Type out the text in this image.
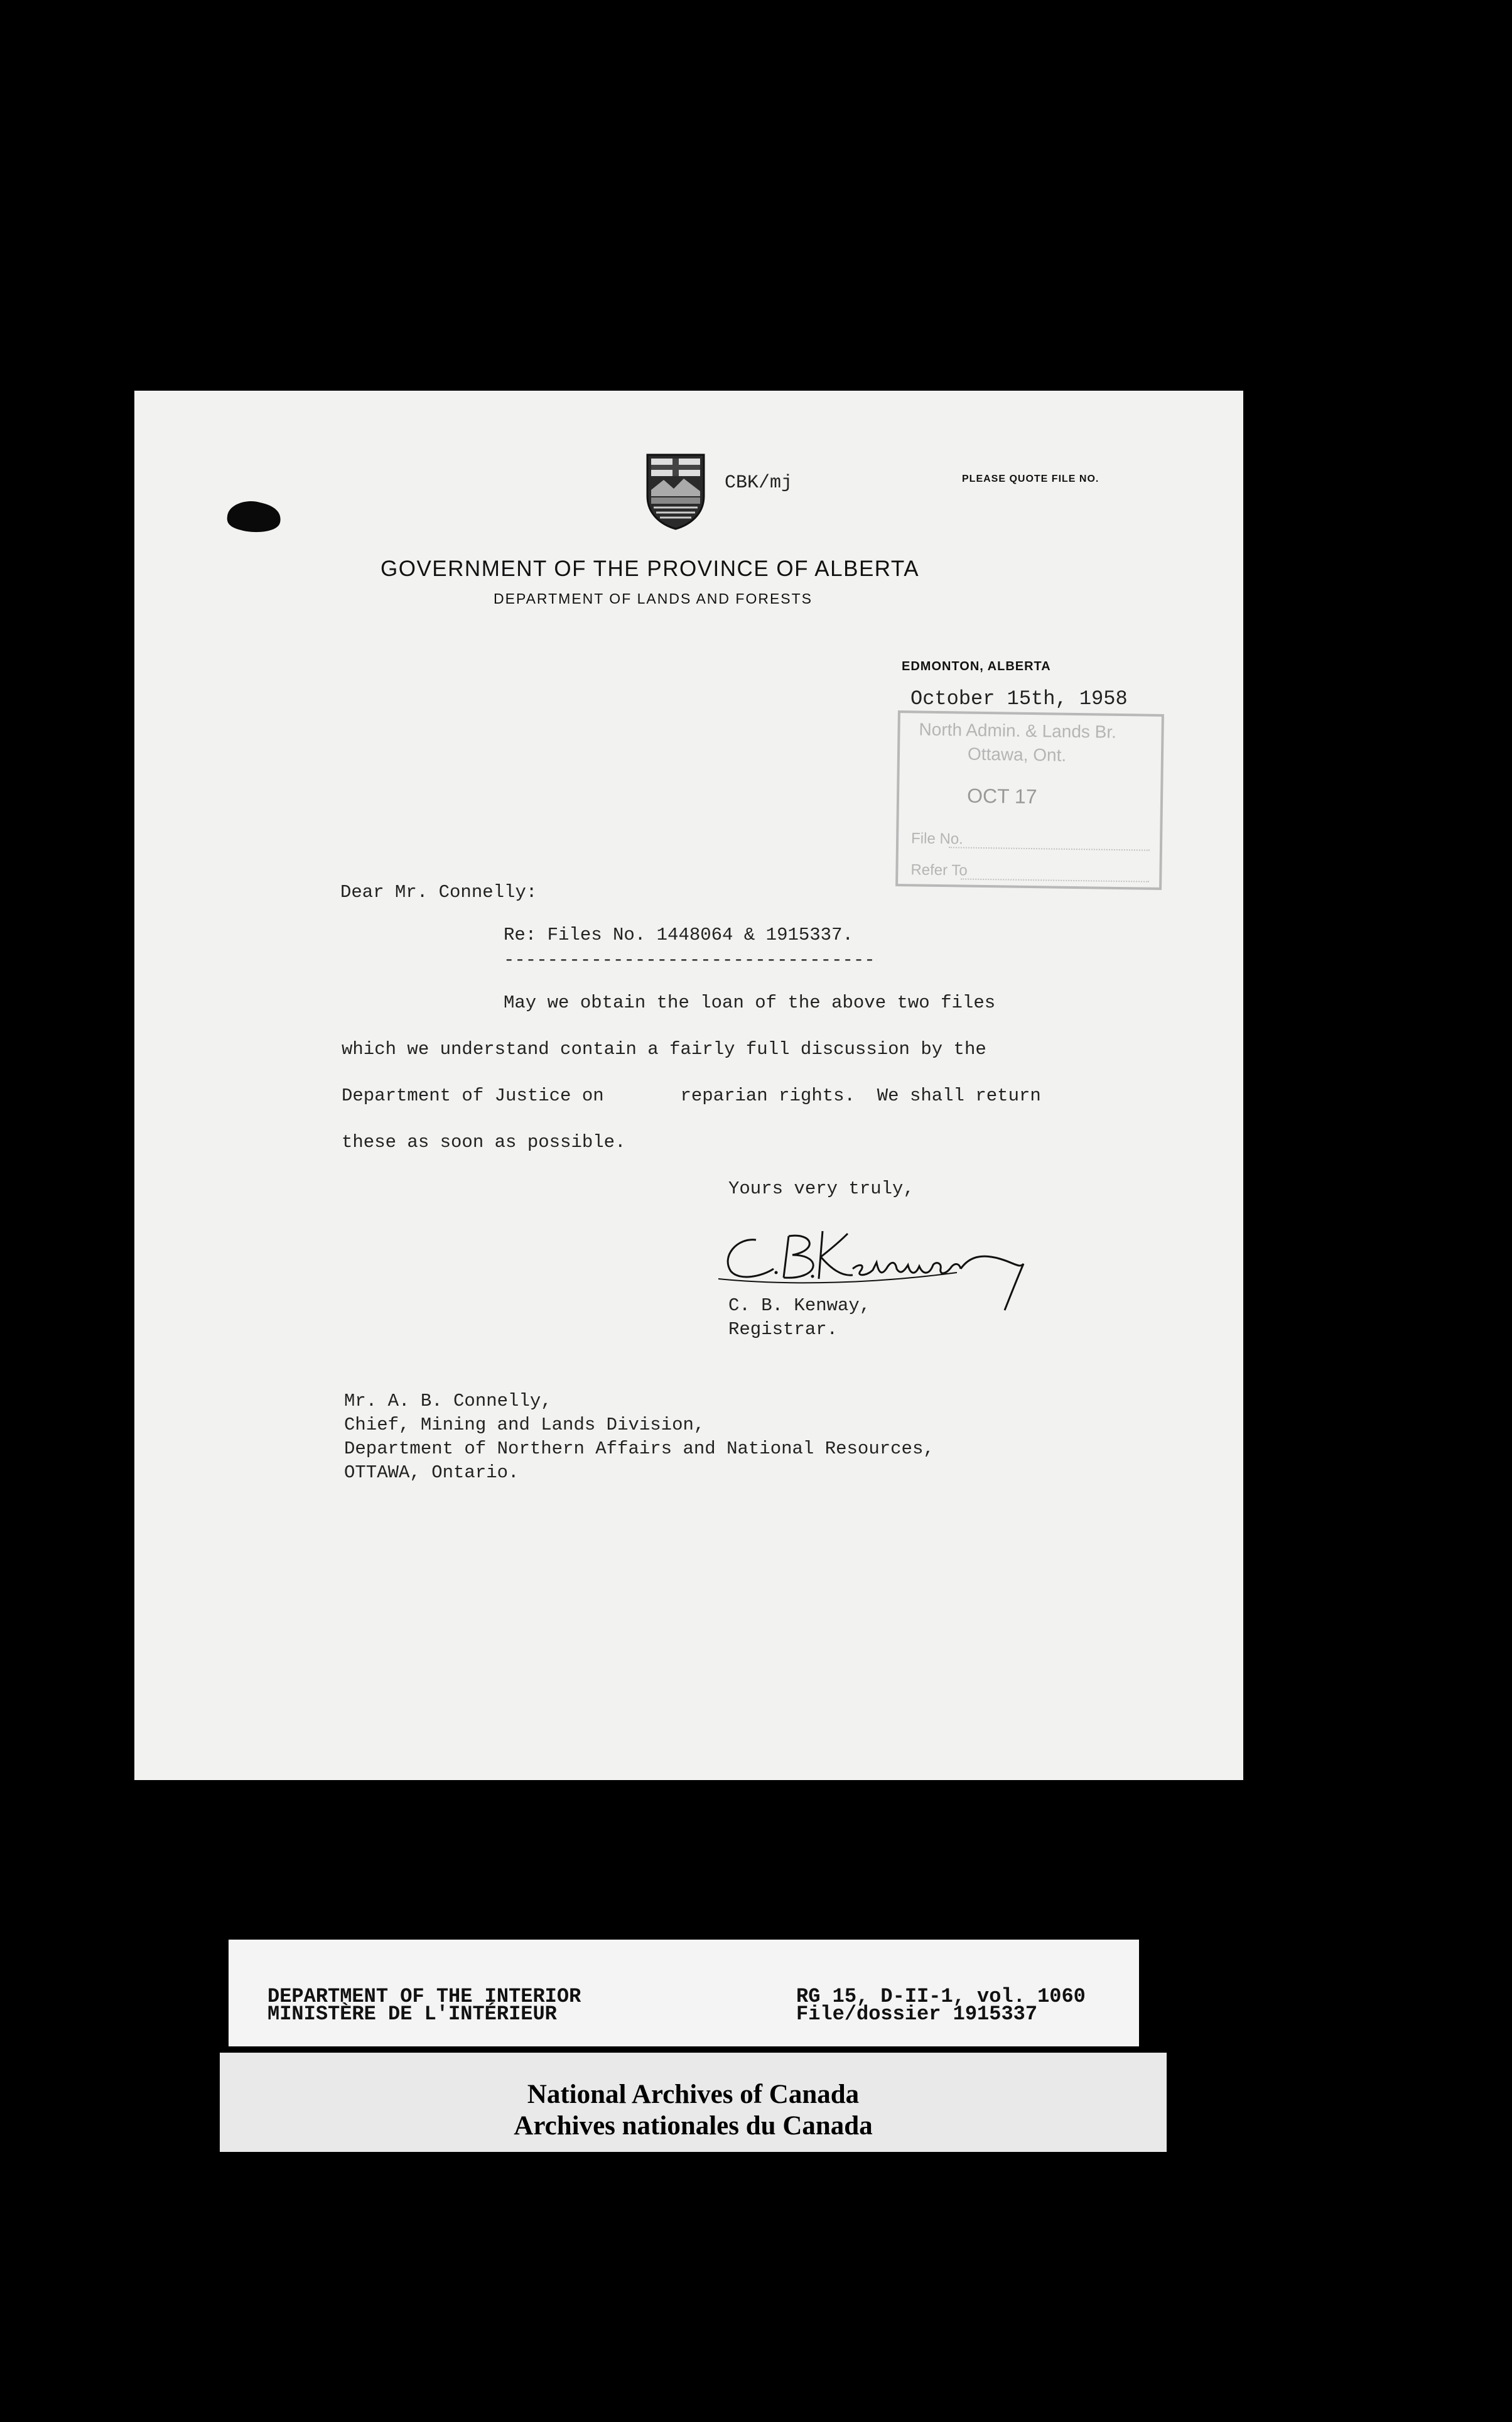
CBK/mj	PLEASE QUOTE FILE NO.
GOVERNMENT OF THE PROVINCE OF ALBERTA
DEPARTMENT OF LANDS AND FORESTS
EDMONTON, ALBERTA
October 15th, 1958
North Admin. & Lands Br.
Ottawa, Ont.
OCT 17
File No.
Refer To
Dear Mr. Connelly:
Re: Files No. 1448064 & 1915337.
----------------------------------
May we obtain the loan of the above two files
which we understand contain a fairly full discussion by the
Department of Justice on       reparian rights.  We shall return
these as soon as possible.
Yours very truly,
C. B. Kenway,
Registrar.
Mr. A. B. Connelly,
Chief, Mining and Lands Division,
Department of Northern Affairs and National Resources,
OTTAWA, Ontario.
DEPARTMENT OF THE INTERIOR
MINISTÈRE DE L'INTÉRIEUR
RG 15, D-II-1, vol. 1060
File/dossier 1915337
National Archives of Canada
Archives nationales du Canada
